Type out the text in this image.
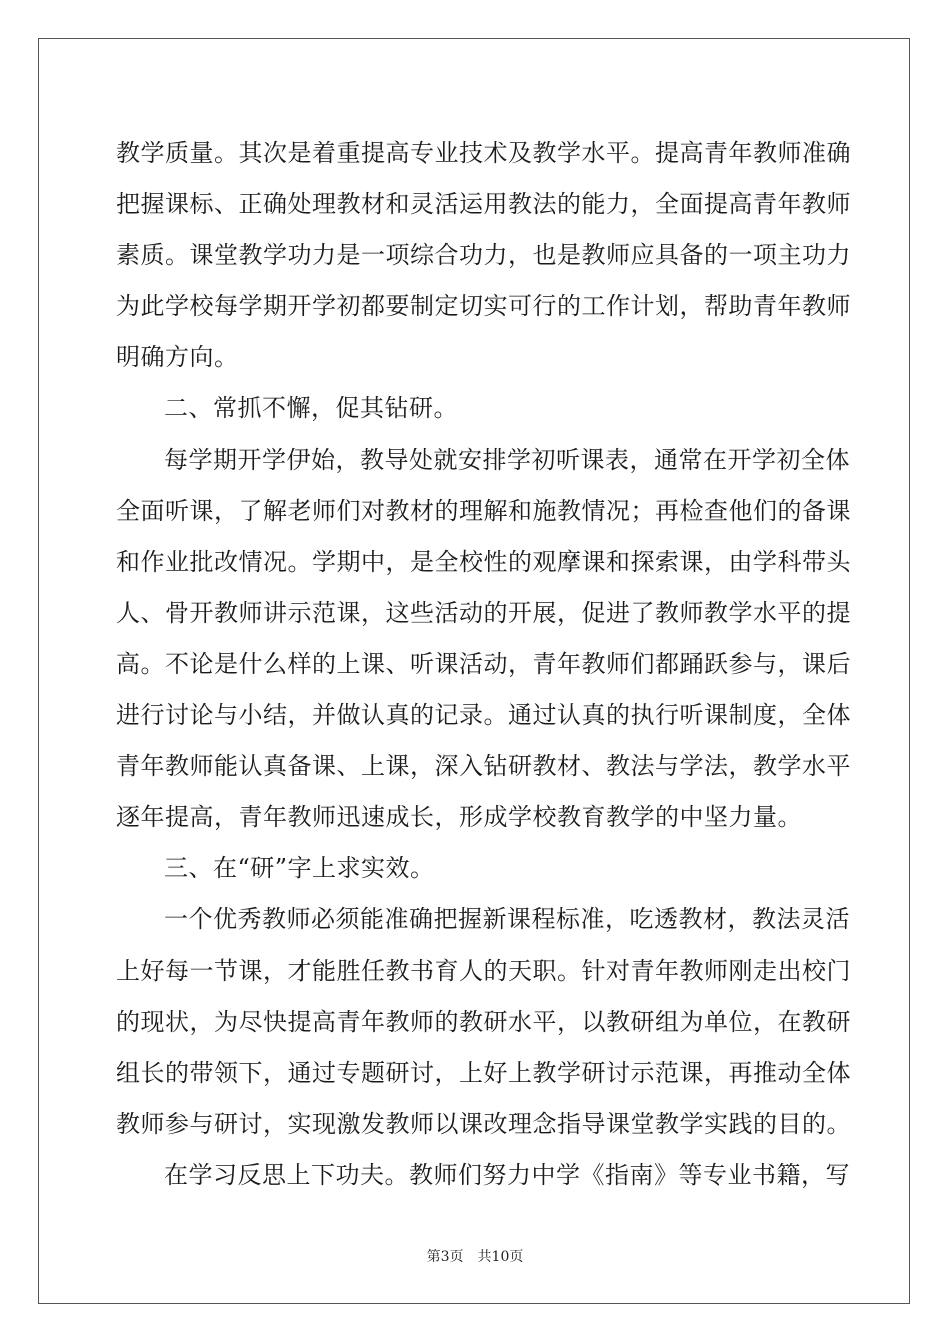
教学质量。其次是着重提高专业技术及教学水平。提高青年教师准确
把握课标、正确处理教材和灵活运用教法的能力，全面提高青年教师
素质。课堂教学功力是一项综合功力，也是教师应具备的一项主功力
为此学校每学期开学初都要制定切实可行的工作计划，帮助青年教师
明确方向。
二、常抓不懈，促其钻研。
每学期开学伊始，教导处就安排学初听课表，通常在开学初全体
全面听课，了解老师们对教材的理解和施教情况；再检查他们的备课
和作业批改情况。学期中，是全校性的观摩课和探索课，由学科带头
人、骨开教师讲示范课，这些活动的开展，促进了教师教学水平的提
高。不论是什么样的上课、听课活动，青年教师们都踊跃参与，课后
进行讨论与小结，并做认真的记录。通过认真的执行听课制度，全体
青年教师能认真备课、上课，深入钻研教材、教法与学法，教学水平
逐年提高，青年教师迅速成长，形成学校教育教学的中坚力量。
三、在“研”字上求实效。
一个优秀教师必须能准确把握新课程标准，吃透教材，教法灵活
上好每一节课，才能胜任教书育人的天职。针对青年教师刚走出校门
的现状，为尽快提高青年教师的教研水平，以教研组为单位，在教研
组长的带领下，通过专题研讨，上好上教学研讨示范课，再推动全体
教师参与研讨，实现激发教师以课改理念指导课堂教学实践的目的。
在学习反思上下功夫。教师们努力中学《指南》等专业书籍，写
第3页 共10页
